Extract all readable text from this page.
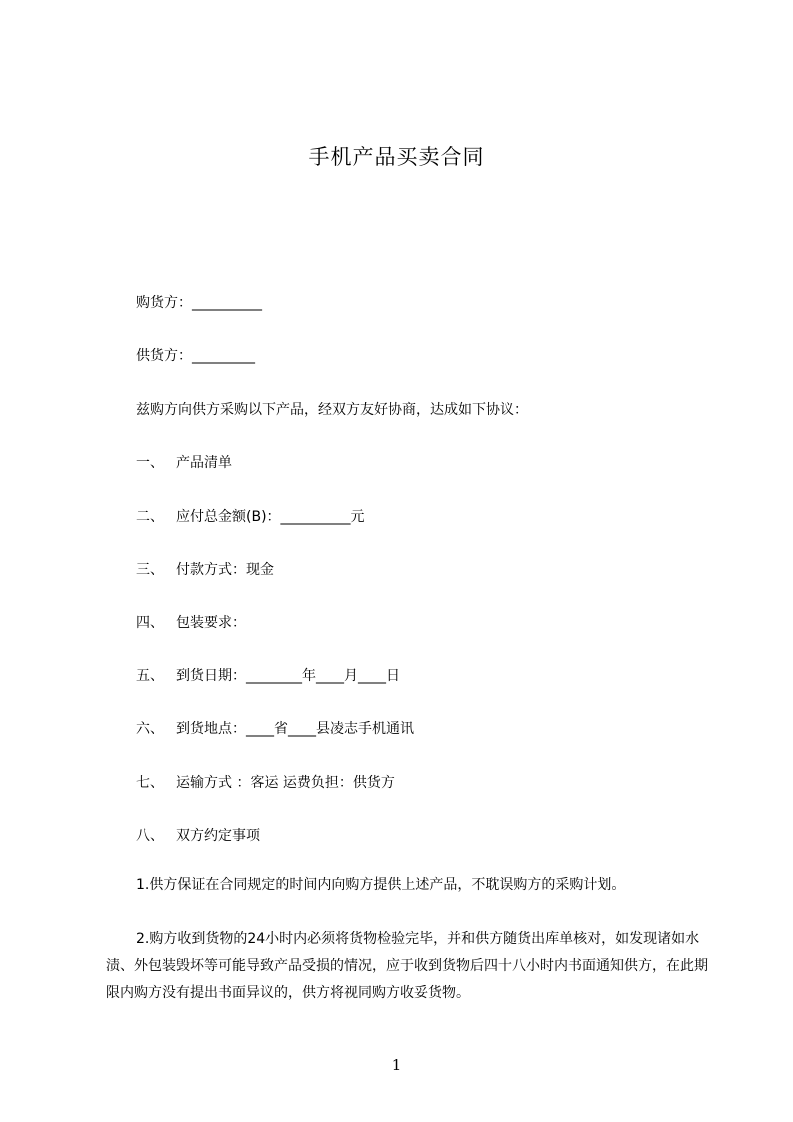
手机产品买卖合同
购货方：__________
供货方：_________
兹购方向供方采购以下产品，经双方友好协商，达成如下协议：
一、 产品清单
二、 应付总金额(B)：__________元
三、 付款方式：现金
四、 包装要求：
五、 到货日期：________年____月____日
六、 到货地点：____省____县凌志手机通讯
七、 运输方式 ：客运 运费负担：供货方
八、 双方约定事项
1.供方保证在合同规定的时间内向购方提供上述产品，不耽误购方的采购计划。
2.购方收到货物的24小时内必须将货物检验完毕，并和供方随货出库单核对，如发现诸如水渍、外包装毁坏等可能导致产品受损的情况，应于收到货物后四十八小时内书面通知供方，在此期限内购方没有提出书面异议的，供方将视同购方收妥货物。
1
